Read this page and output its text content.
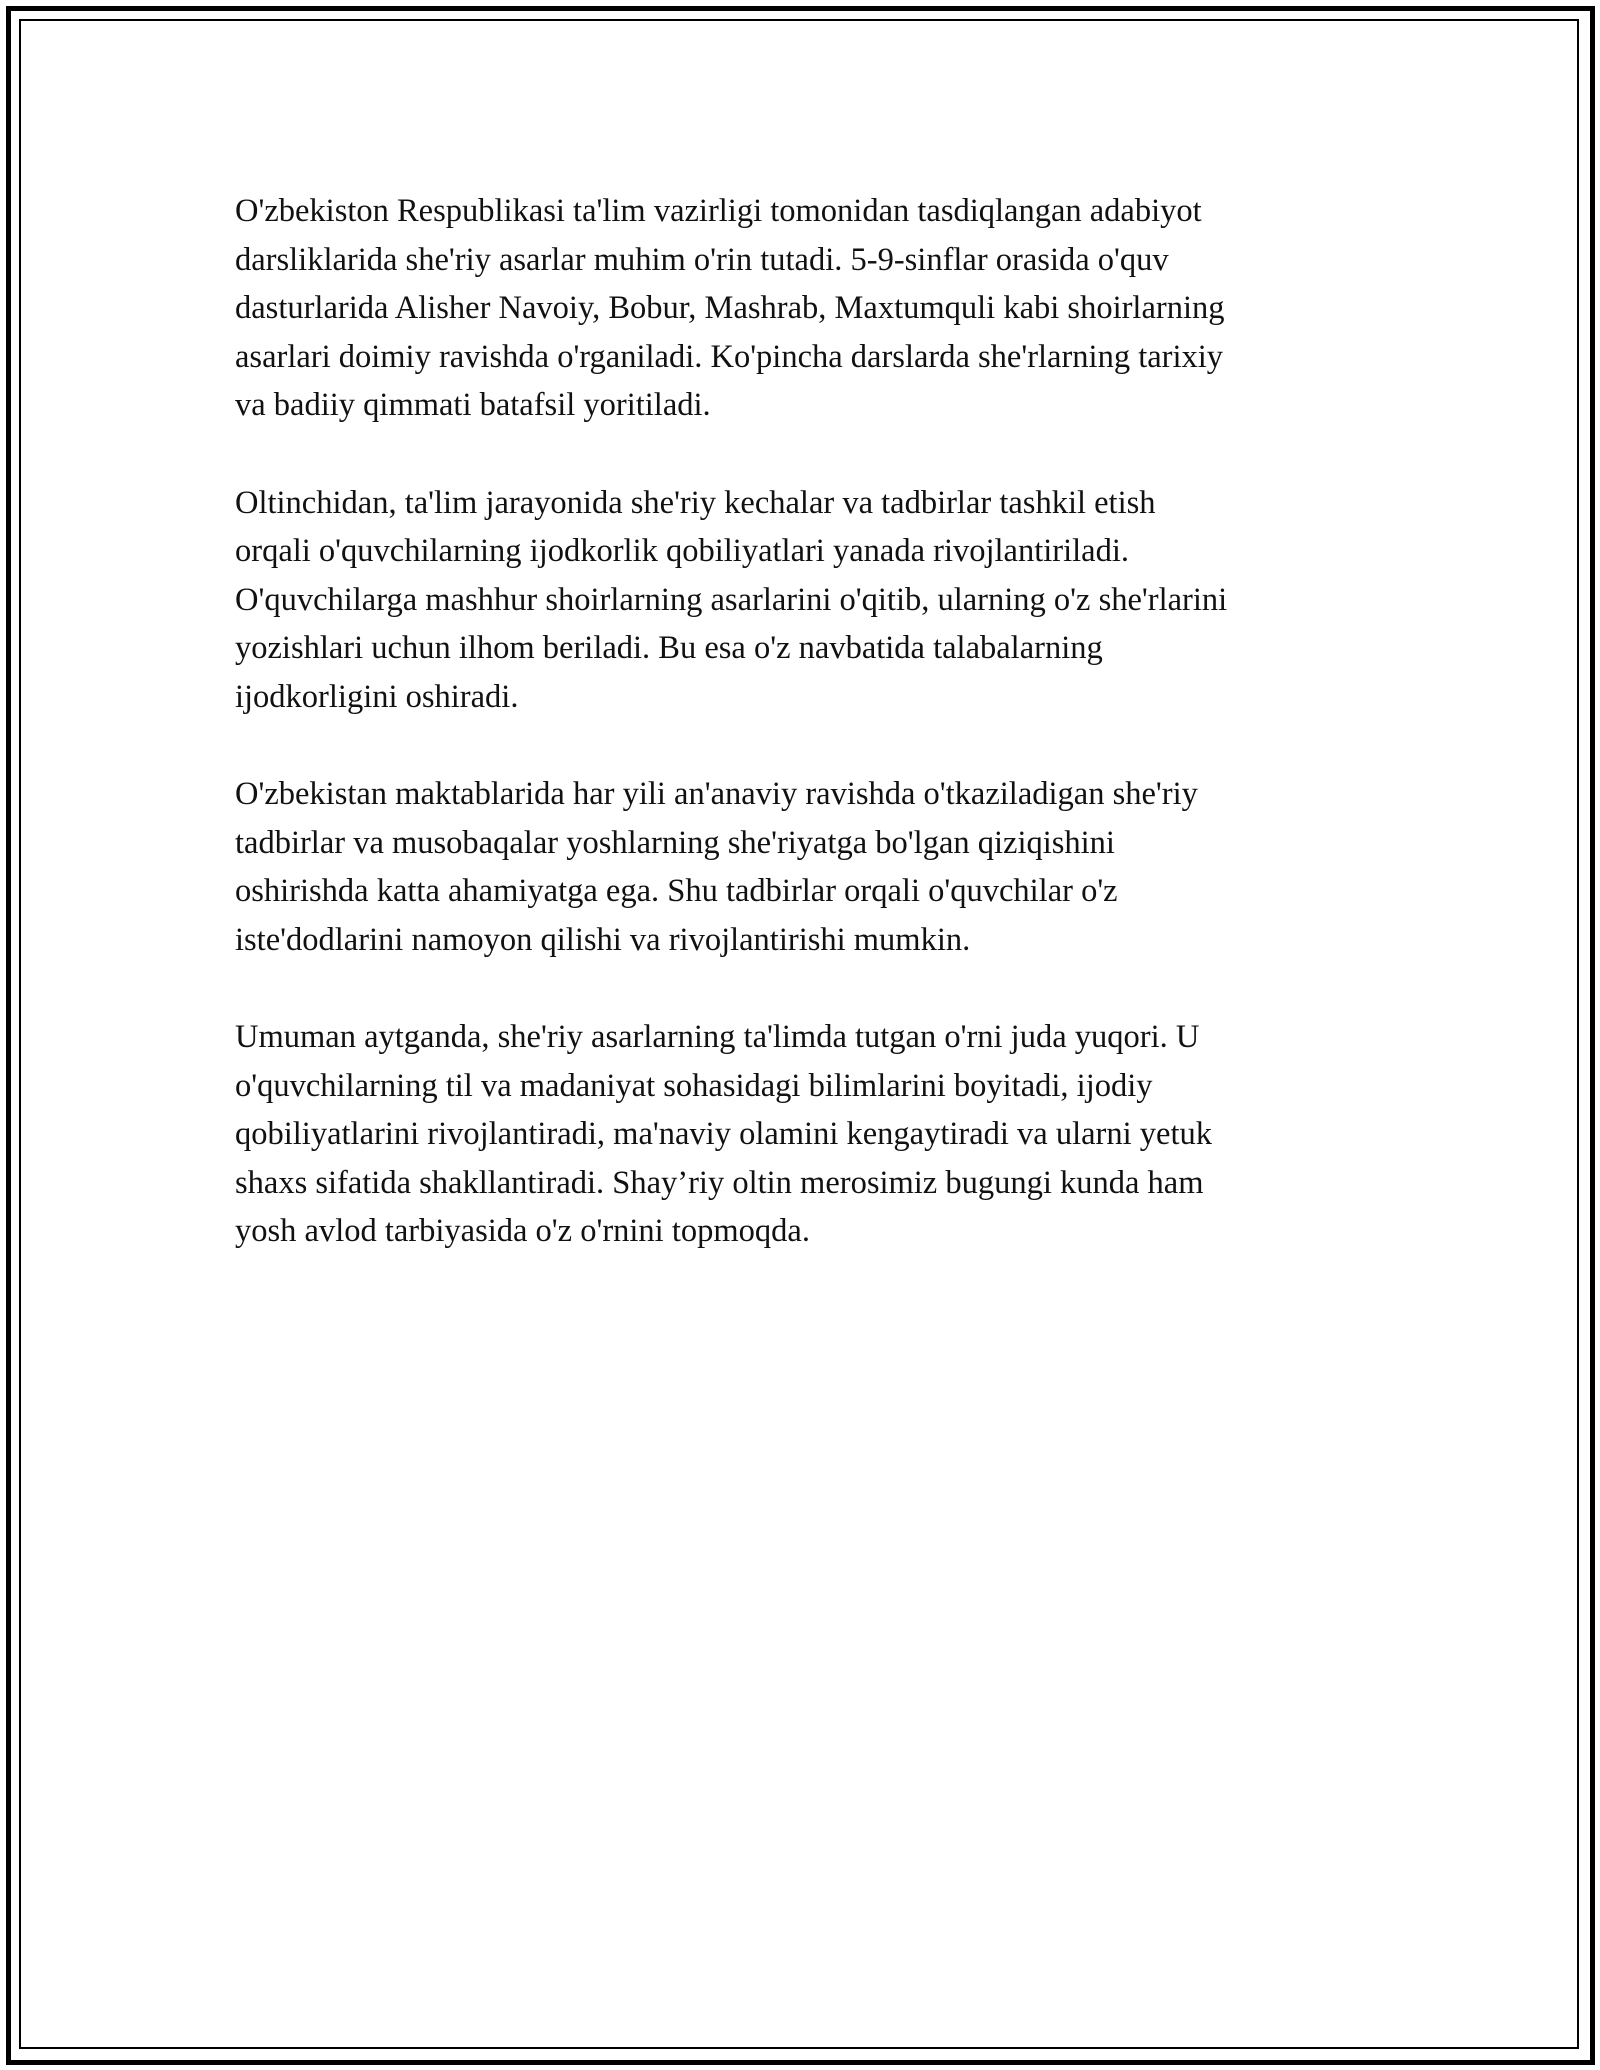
O'zbekiston Respublikasi ta'lim vazirligi tomonidan tasdiqlangan adabiyot
darsliklarida she'riy asarlar muhim o'rin tutadi. 5-9-sinflar orasida o'quv
dasturlarida Alisher Navoiy, Bobur, Mashrab, Maxtumquli kabi shoirlarning
asarlari doimiy ravishda o'rganiladi. Ko'pincha darslarda she'rlarning tarixiy
va badiiy qimmati batafsil yoritiladi.

Oltinchidan, ta'lim jarayonida she'riy kechalar va tadbirlar tashkil etish
orqali o'quvchilarning ijodkorlik qobiliyatlari yanada rivojlantiriladi.
O'quvchilarga mashhur shoirlarning asarlarini o'qitib, ularning o'z she'rlarini
yozishlari uchun ilhom beriladi. Bu esa o'z navbatida talabalarning
ijodkorligini oshiradi.

O'zbekistan maktablarida har yili an'anaviy ravishda o'tkaziladigan she'riy
tadbirlar va musobaqalar yoshlarning she'riyatga bo'lgan qiziqishini
oshirishda katta ahamiyatga ega. Shu tadbirlar orqali o'quvchilar o'z
iste'dodlarini namoyon qilishi va rivojlantirishi mumkin.

Umuman aytganda, she'riy asarlarning ta'limda tutgan o'rni juda yuqori. U
o'quvchilarning til va madaniyat sohasidagi bilimlarini boyitadi, ijodiy
qobiliyatlarini rivojlantiradi, ma'naviy olamini kengaytiradi va ularni yetuk
shaxs sifatida shakllantiradi. Shay’riy oltin merosimiz bugungi kunda ham
yosh avlod tarbiyasida o'z o'rnini topmoqda.
